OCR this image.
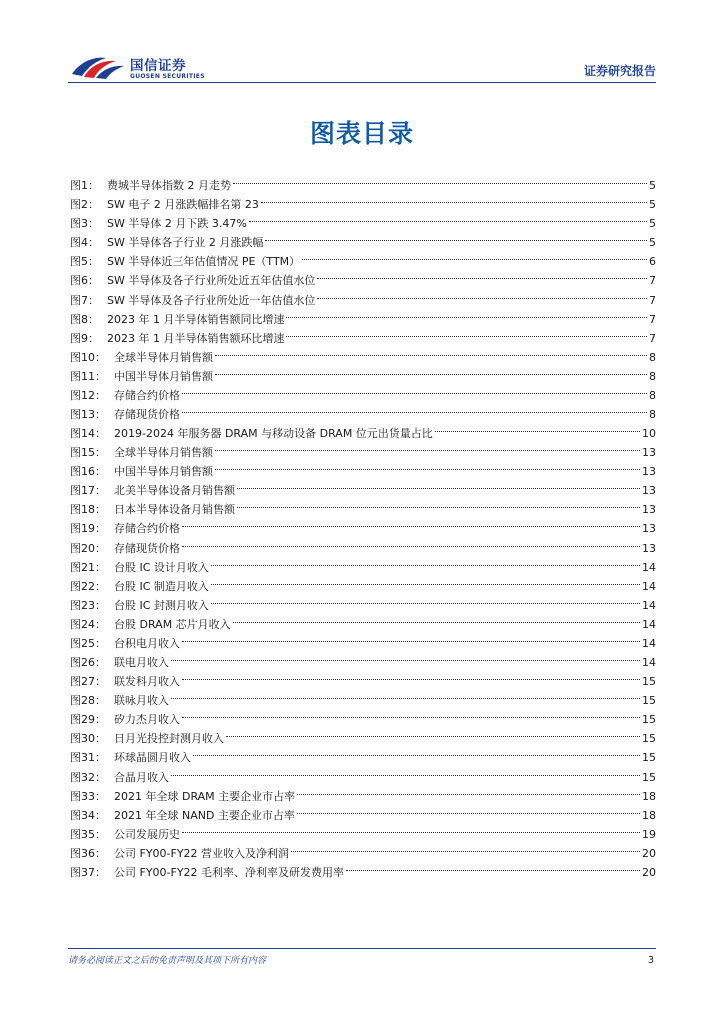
国信证券
GUOSEN SECURITIES	证券研究报告
图表目录
图1： 费城半导体指数 2 月走势	5
图2： SW 电子 2 月涨跌幅排名第 23	5
图3： SW 半导体 2 月下跌 3.47%	5
图4： SW 半导体各子行业 2 月涨跌幅	5
图5： SW 半导体近三年估值情况 PE（TTM）	6
图6： SW 半导体及各子行业所处近五年估值水位	7
图7： SW 半导体及各子行业所处近一年估值水位	7
图8： 2023 年 1 月半导体销售额同比增速	7
图9： 2023 年 1 月半导体销售额环比增速	7
图10： 全球半导体月销售额	8
图11： 中国半导体月销售额	8
图12： 存储合约价格	8
图13： 存储现货价格	8
图14： 2019-2024 年服务器 DRAM 与移动设备 DRAM 位元出货量占比	10
图15： 全球半导体月销售额	13
图16： 中国半导体月销售额	13
图17： 北美半导体设备月销售额	13
图18： 日本半导体设备月销售额	13
图19： 存储合约价格	13
图20： 存储现货价格	13
图21： 台股 IC 设计月收入	14
图22： 台股 IC 制造月收入	14
图23： 台股 IC 封测月收入	14
图24： 台股 DRAM 芯片月收入	14
图25： 台积电月收入	14
图26： 联电月收入	14
图27： 联发科月收入	15
图28： 联咏月收入	15
图29： 矽力杰月收入	15
图30： 日月光投控封测月收入	15
图31： 环球晶圆月收入	15
图32： 合晶月收入	15
图33： 2021 年全球 DRAM 主要企业市占率	18
图34： 2021 年全球 NAND 主要企业市占率	18
图35： 公司发展历史	19
图36： 公司 FY00-FY22 营业收入及净利润	20
图37： 公司 FY00-FY22 毛利率、净利率及研发费用率	20
请务必阅读正文之后的免责声明及其项下所有内容	3
